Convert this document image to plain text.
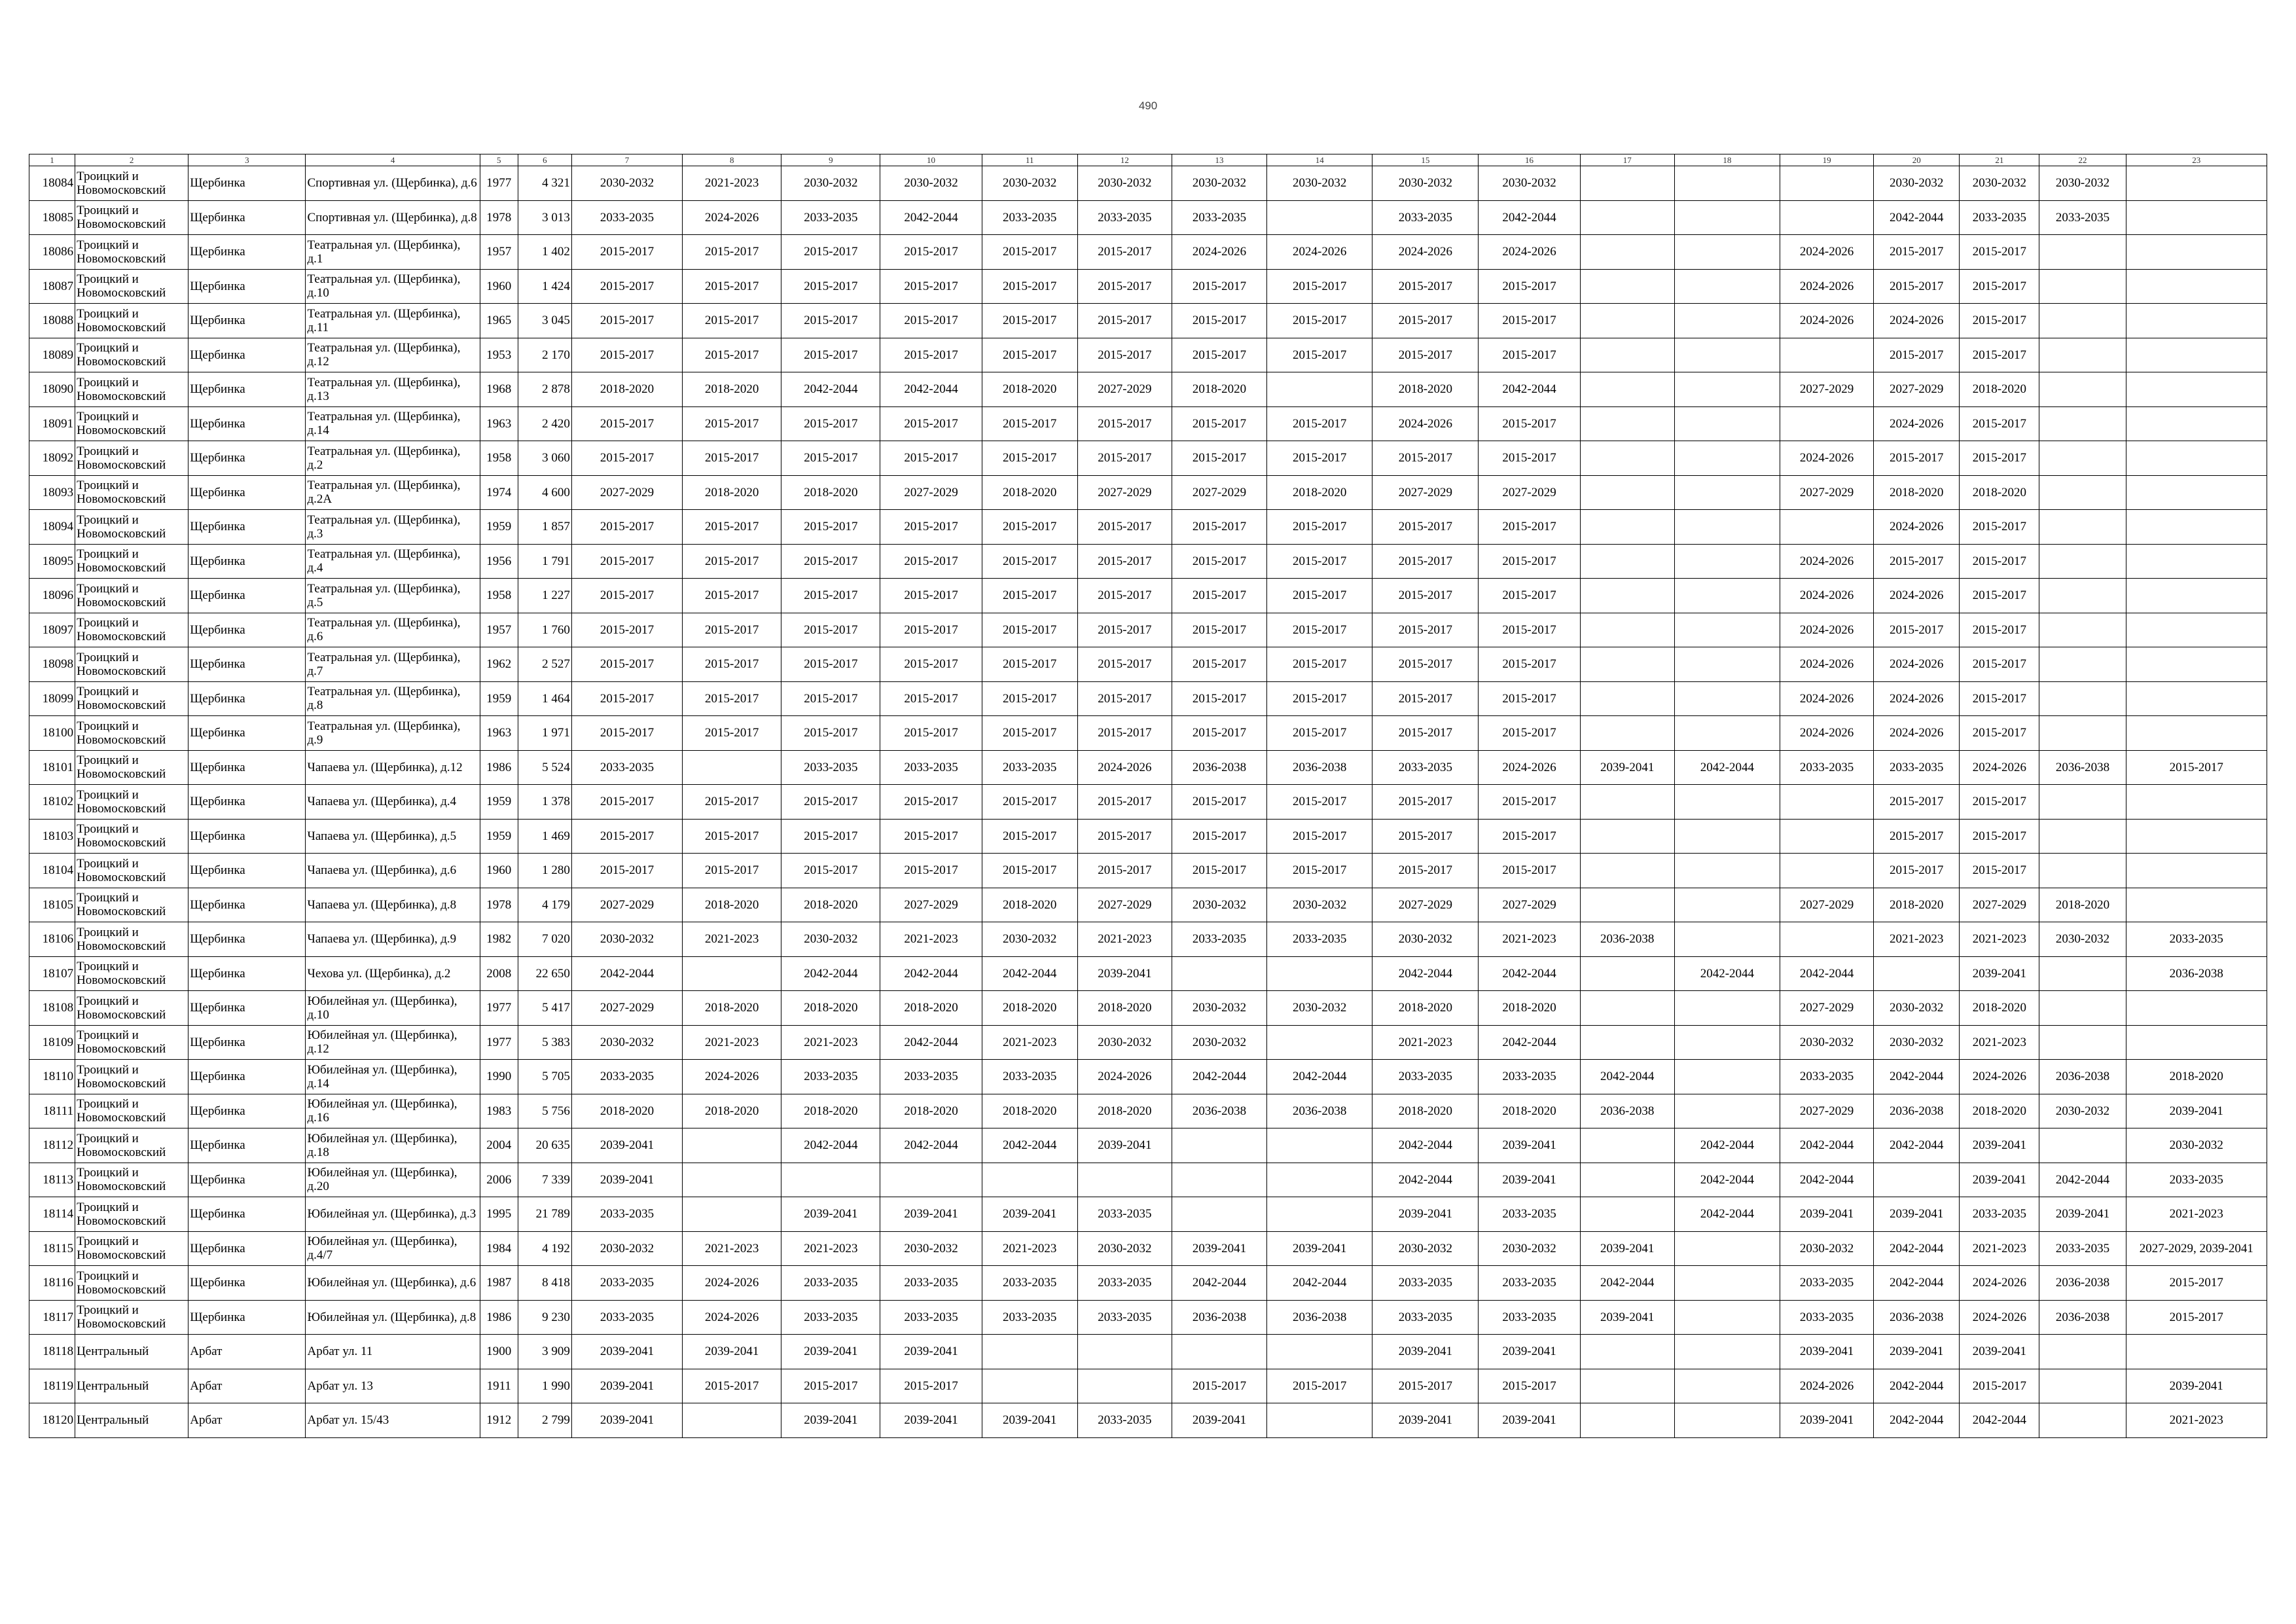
490
1	2	3	4	5	6	7	8	9	10	11	12	13	14	15	16	17	18	19	20	21	22	23
18084	Троицкий и Новомосковский	Щербинка	Спортивная ул. (Щербинка), д.6	1977	4 321	2030-2032	2021-2023	2030-2032	2030-2032	2030-2032	2030-2032	2030-2032	2030-2032	2030-2032	2030-2032				2030-2032	2030-2032	2030-2032	
18085	Троицкий и Новомосковский	Щербинка	Спортивная ул. (Щербинка), д.8	1978	3 013	2033-2035	2024-2026	2033-2035	2042-2044	2033-2035	2033-2035	2033-2035		2033-2035	2042-2044				2042-2044	2033-2035	2033-2035	
18086	Троицкий и Новомосковский	Щербинка	Театральная ул. (Щербинка), д.1	1957	1 402	2015-2017	2015-2017	2015-2017	2015-2017	2015-2017	2015-2017	2024-2026	2024-2026	2024-2026	2024-2026			2024-2026	2015-2017	2015-2017		
18087	Троицкий и Новомосковский	Щербинка	Театральная ул. (Щербинка), д.10	1960	1 424	2015-2017	2015-2017	2015-2017	2015-2017	2015-2017	2015-2017	2015-2017	2015-2017	2015-2017	2015-2017			2024-2026	2015-2017	2015-2017		
18088	Троицкий и Новомосковский	Щербинка	Театральная ул. (Щербинка), д.11	1965	3 045	2015-2017	2015-2017	2015-2017	2015-2017	2015-2017	2015-2017	2015-2017	2015-2017	2015-2017	2015-2017			2024-2026	2024-2026	2015-2017		
18089	Троицкий и Новомосковский	Щербинка	Театральная ул. (Щербинка), д.12	1953	2 170	2015-2017	2015-2017	2015-2017	2015-2017	2015-2017	2015-2017	2015-2017	2015-2017	2015-2017	2015-2017				2015-2017	2015-2017		
18090	Троицкий и Новомосковский	Щербинка	Театральная ул. (Щербинка), д.13	1968	2 878	2018-2020	2018-2020	2042-2044	2042-2044	2018-2020	2027-2029	2018-2020		2018-2020	2042-2044			2027-2029	2027-2029	2018-2020		
18091	Троицкий и Новомосковский	Щербинка	Театральная ул. (Щербинка), д.14	1963	2 420	2015-2017	2015-2017	2015-2017	2015-2017	2015-2017	2015-2017	2015-2017	2015-2017	2024-2026	2015-2017				2024-2026	2015-2017		
18092	Троицкий и Новомосковский	Щербинка	Театральная ул. (Щербинка), д.2	1958	3 060	2015-2017	2015-2017	2015-2017	2015-2017	2015-2017	2015-2017	2015-2017	2015-2017	2015-2017	2015-2017			2024-2026	2015-2017	2015-2017		
18093	Троицкий и Новомосковский	Щербинка	Театральная ул. (Щербинка), д.2А	1974	4 600	2027-2029	2018-2020	2018-2020	2027-2029	2018-2020	2027-2029	2027-2029	2018-2020	2027-2029	2027-2029			2027-2029	2018-2020	2018-2020		
18094	Троицкий и Новомосковский	Щербинка	Театральная ул. (Щербинка), д.3	1959	1 857	2015-2017	2015-2017	2015-2017	2015-2017	2015-2017	2015-2017	2015-2017	2015-2017	2015-2017	2015-2017				2024-2026	2015-2017		
18095	Троицкий и Новомосковский	Щербинка	Театральная ул. (Щербинка), д.4	1956	1 791	2015-2017	2015-2017	2015-2017	2015-2017	2015-2017	2015-2017	2015-2017	2015-2017	2015-2017	2015-2017			2024-2026	2015-2017	2015-2017		
18096	Троицкий и Новомосковский	Щербинка	Театральная ул. (Щербинка), д.5	1958	1 227	2015-2017	2015-2017	2015-2017	2015-2017	2015-2017	2015-2017	2015-2017	2015-2017	2015-2017	2015-2017			2024-2026	2024-2026	2015-2017		
18097	Троицкий и Новомосковский	Щербинка	Театральная ул. (Щербинка), д.6	1957	1 760	2015-2017	2015-2017	2015-2017	2015-2017	2015-2017	2015-2017	2015-2017	2015-2017	2015-2017	2015-2017			2024-2026	2015-2017	2015-2017		
18098	Троицкий и Новомосковский	Щербинка	Театральная ул. (Щербинка), д.7	1962	2 527	2015-2017	2015-2017	2015-2017	2015-2017	2015-2017	2015-2017	2015-2017	2015-2017	2015-2017	2015-2017			2024-2026	2024-2026	2015-2017		
18099	Троицкий и Новомосковский	Щербинка	Театральная ул. (Щербинка), д.8	1959	1 464	2015-2017	2015-2017	2015-2017	2015-2017	2015-2017	2015-2017	2015-2017	2015-2017	2015-2017	2015-2017			2024-2026	2024-2026	2015-2017		
18100	Троицкий и Новомосковский	Щербинка	Театральная ул. (Щербинка), д.9	1963	1 971	2015-2017	2015-2017	2015-2017	2015-2017	2015-2017	2015-2017	2015-2017	2015-2017	2015-2017	2015-2017			2024-2026	2024-2026	2015-2017		
18101	Троицкий и Новомосковский	Щербинка	Чапаева ул. (Щербинка), д.12	1986	5 524	2033-2035		2033-2035	2033-2035	2033-2035	2024-2026	2036-2038	2036-2038	2033-2035	2024-2026	2039-2041	2042-2044	2033-2035	2033-2035	2024-2026	2036-2038	2015-2017
18102	Троицкий и Новомосковский	Щербинка	Чапаева ул. (Щербинка), д.4	1959	1 378	2015-2017	2015-2017	2015-2017	2015-2017	2015-2017	2015-2017	2015-2017	2015-2017	2015-2017	2015-2017				2015-2017	2015-2017		
18103	Троицкий и Новомосковский	Щербинка	Чапаева ул. (Щербинка), д.5	1959	1 469	2015-2017	2015-2017	2015-2017	2015-2017	2015-2017	2015-2017	2015-2017	2015-2017	2015-2017	2015-2017				2015-2017	2015-2017		
18104	Троицкий и Новомосковский	Щербинка	Чапаева ул. (Щербинка), д.6	1960	1 280	2015-2017	2015-2017	2015-2017	2015-2017	2015-2017	2015-2017	2015-2017	2015-2017	2015-2017	2015-2017				2015-2017	2015-2017		
18105	Троицкий и Новомосковский	Щербинка	Чапаева ул. (Щербинка), д.8	1978	4 179	2027-2029	2018-2020	2018-2020	2027-2029	2018-2020	2027-2029	2030-2032	2030-2032	2027-2029	2027-2029			2027-2029	2018-2020	2027-2029	2018-2020	
18106	Троицкий и Новомосковский	Щербинка	Чапаева ул. (Щербинка), д.9	1982	7 020	2030-2032	2021-2023	2030-2032	2021-2023	2030-2032	2021-2023	2033-2035	2033-2035	2030-2032	2021-2023	2036-2038			2021-2023	2021-2023	2030-2032	2033-2035
18107	Троицкий и Новомосковский	Щербинка	Чехова ул. (Щербинка), д.2	2008	22 650	2042-2044		2042-2044	2042-2044	2042-2044	2039-2041			2042-2044	2042-2044		2042-2044	2042-2044		2039-2041		2036-2038
18108	Троицкий и Новомосковский	Щербинка	Юбилейная ул. (Щербинка), д.10	1977	5 417	2027-2029	2018-2020	2018-2020	2018-2020	2018-2020	2018-2020	2030-2032	2030-2032	2018-2020	2018-2020			2027-2029	2030-2032	2018-2020		
18109	Троицкий и Новомосковский	Щербинка	Юбилейная ул. (Щербинка), д.12	1977	5 383	2030-2032	2021-2023	2021-2023	2042-2044	2021-2023	2030-2032	2030-2032		2021-2023	2042-2044			2030-2032	2030-2032	2021-2023		
18110	Троицкий и Новомосковский	Щербинка	Юбилейная ул. (Щербинка), д.14	1990	5 705	2033-2035	2024-2026	2033-2035	2033-2035	2033-2035	2024-2026	2042-2044	2042-2044	2033-2035	2033-2035	2042-2044		2033-2035	2042-2044	2024-2026	2036-2038	2018-2020
18111	Троицкий и Новомосковский	Щербинка	Юбилейная ул. (Щербинка), д.16	1983	5 756	2018-2020	2018-2020	2018-2020	2018-2020	2018-2020	2018-2020	2036-2038	2036-2038	2018-2020	2018-2020	2036-2038		2027-2029	2036-2038	2018-2020	2030-2032	2039-2041
18112	Троицкий и Новомосковский	Щербинка	Юбилейная ул. (Щербинка), д.18	2004	20 635	2039-2041		2042-2044	2042-2044	2042-2044	2039-2041			2042-2044	2039-2041		2042-2044	2042-2044	2042-2044	2039-2041		2030-2032
18113	Троицкий и Новомосковский	Щербинка	Юбилейная ул. (Щербинка), д.20	2006	7 339	2039-2041								2042-2044	2039-2041		2042-2044	2042-2044		2039-2041	2042-2044	2033-2035
18114	Троицкий и Новомосковский	Щербинка	Юбилейная ул. (Щербинка), д.3	1995	21 789	2033-2035		2039-2041	2039-2041	2039-2041	2033-2035			2039-2041	2033-2035		2042-2044	2039-2041	2039-2041	2033-2035	2039-2041	2021-2023
18115	Троицкий и Новомосковский	Щербинка	Юбилейная ул. (Щербинка), д.4/7	1984	4 192	2030-2032	2021-2023	2021-2023	2030-2032	2021-2023	2030-2032	2039-2041	2039-2041	2030-2032	2030-2032	2039-2041		2030-2032	2042-2044	2021-2023	2033-2035	2027-2029, 2039-2041
18116	Троицкий и Новомосковский	Щербинка	Юбилейная ул. (Щербинка), д.6	1987	8 418	2033-2035	2024-2026	2033-2035	2033-2035	2033-2035	2033-2035	2042-2044	2042-2044	2033-2035	2033-2035	2042-2044		2033-2035	2042-2044	2024-2026	2036-2038	2015-2017
18117	Троицкий и Новомосковский	Щербинка	Юбилейная ул. (Щербинка), д.8	1986	9 230	2033-2035	2024-2026	2033-2035	2033-2035	2033-2035	2033-2035	2036-2038	2036-2038	2033-2035	2033-2035	2039-2041		2033-2035	2036-2038	2024-2026	2036-2038	2015-2017
18118	Центральный	Арбат	Арбат ул. 11	1900	3 909	2039-2041	2039-2041	2039-2041	2039-2041					2039-2041	2039-2041			2039-2041	2039-2041	2039-2041		
18119	Центральный	Арбат	Арбат ул. 13	1911	1 990	2039-2041	2015-2017	2015-2017	2015-2017			2015-2017	2015-2017	2015-2017	2015-2017			2024-2026	2042-2044	2015-2017		2039-2041
18120	Центральный	Арбат	Арбат ул. 15/43	1912	2 799	2039-2041		2039-2041	2039-2041	2039-2041	2033-2035	2039-2041		2039-2041	2039-2041			2039-2041	2042-2044	2042-2044		2021-2023
